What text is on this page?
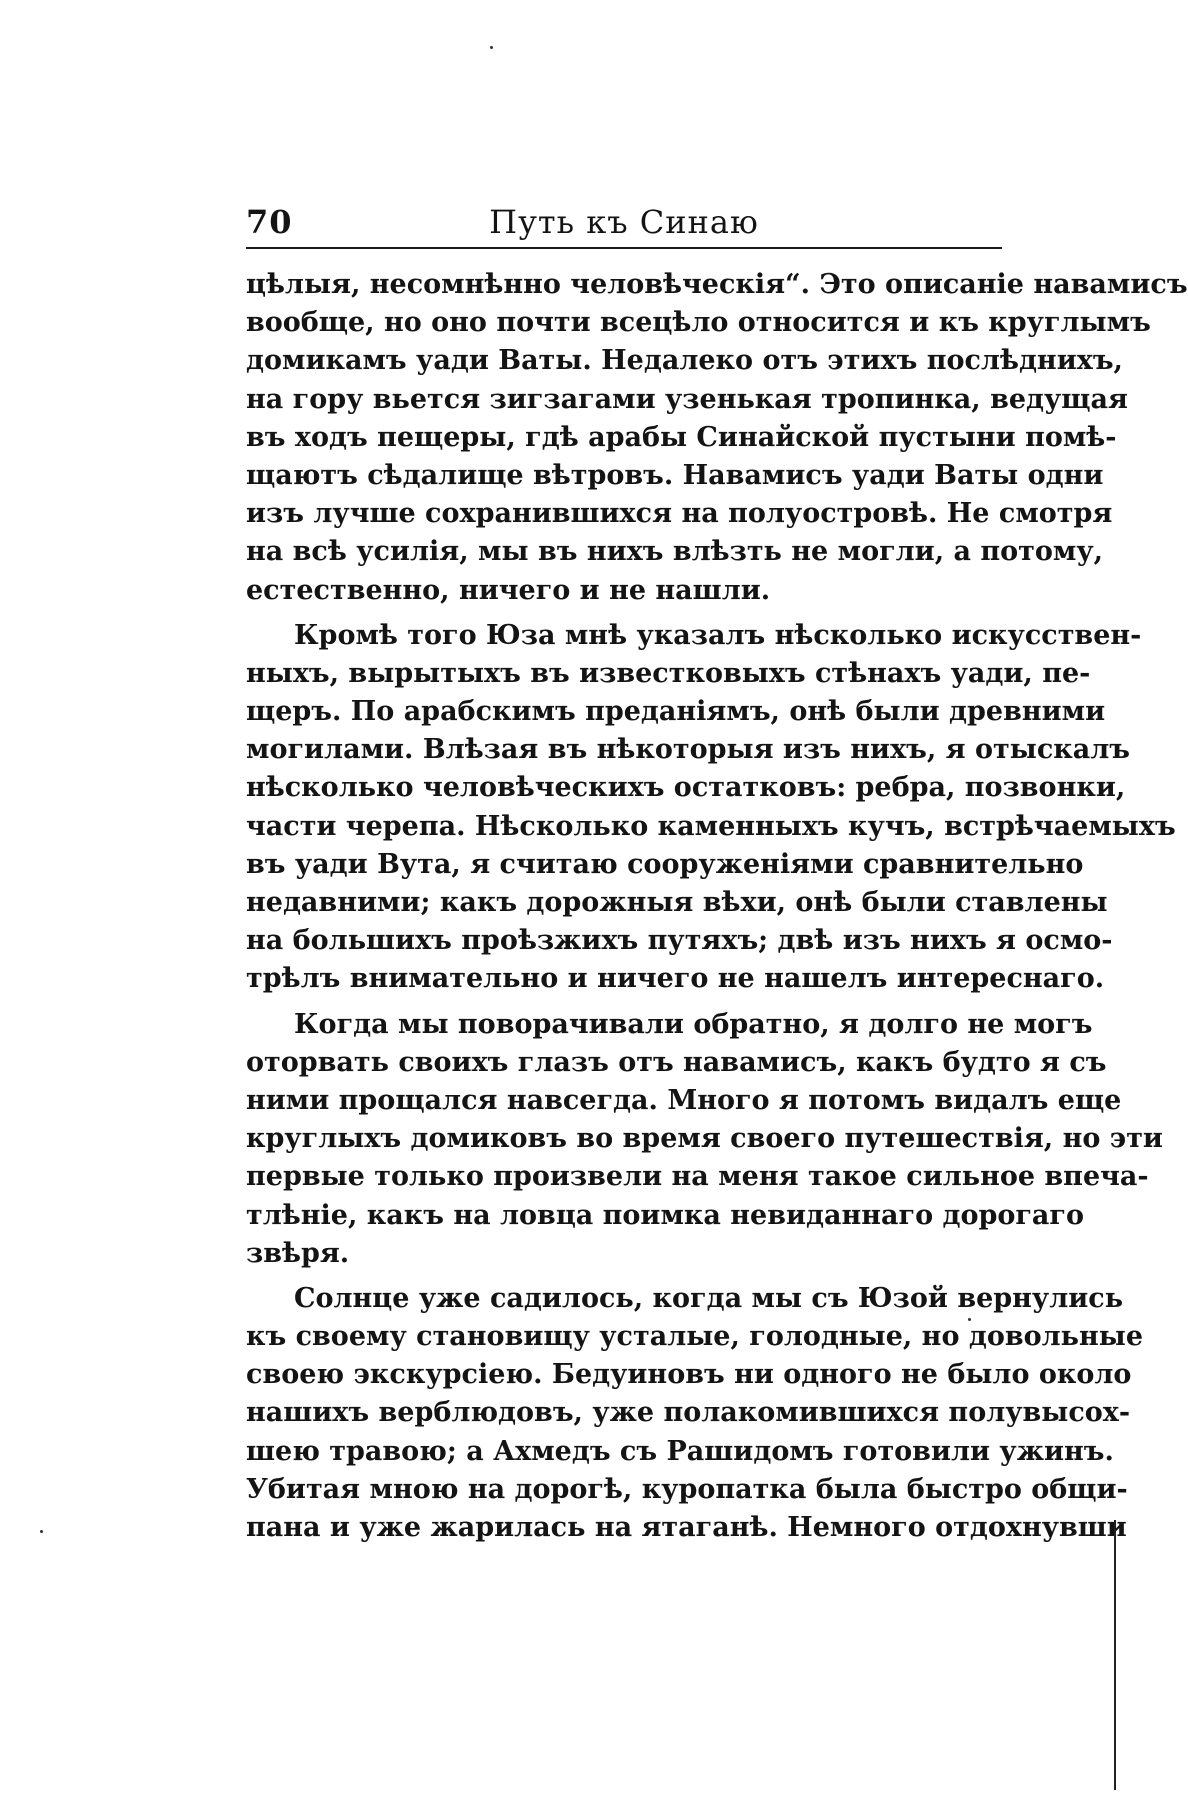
70	Путь къ Синаю
цѣлыя, несомнѣнно человѣческія“. Это описаніе навамисъ
вообще, но оно почти всецѣло относится и къ круглымъ
домикамъ уади Ваты. Недалеко отъ этихъ послѣднихъ,
на гору вьется зигзагами узенькая тропинка, ведущая
въ ходъ пещеры, гдѣ арабы Синайской пустыни помѣ-
щаютъ сѣдалище вѣтровъ. Навамисъ уади Ваты одни
изъ лучше сохранившихся на полуостровѣ. Не смотря
на всѣ усилія, мы въ нихъ влѣзть не могли, а потому,
естественно, ничего и не нашли.
Кромѣ того Юза мнѣ указалъ нѣсколько искусствен-
ныхъ, вырытыхъ въ известковыхъ стѣнахъ уади, пе-
щеръ. По арабскимъ преданіямъ, онѣ были древними
могилами. Влѣзая въ нѣкоторыя изъ нихъ, я отыскалъ
нѣсколько человѣческихъ остатковъ: ребра, позвонки,
части черепа. Нѣсколько каменныхъ кучъ, встрѣчаемыхъ
въ уади Вута, я считаю сооруженіями сравнительно
недавними; какъ дорожныя вѣхи, онѣ были ставлены
на большихъ проѣзжихъ путяхъ; двѣ изъ нихъ я осмо-
трѣлъ внимательно и ничего не нашелъ интереснаго.
Когда мы поворачивали обратно, я долго не могъ
оторвать своихъ глазъ отъ навамисъ, какъ будто я съ
ними прощался навсегда. Много я потомъ видалъ еще
круглыхъ домиковъ во время своего путешествія, но эти
первые только произвели на меня такое сильное впеча-
тлѣніе, какъ на ловца поимка невиданнаго дорогаго
звѣря.
Солнце уже садилось, когда мы съ Юзой вернулись
къ своему становищу усталые, голодные, но довольные
своею экскурсіею. Бедуиновъ ни одного не было около
нашихъ верблюдовъ, уже полакомившихся полувысох-
шею травою; а Ахмедъ съ Рашидомъ готовили ужинъ.
Убитая мною на дорогѣ, куропатка была быстро общи-
пана и уже жарилась на ятаганѣ. Немного отдохнувши
